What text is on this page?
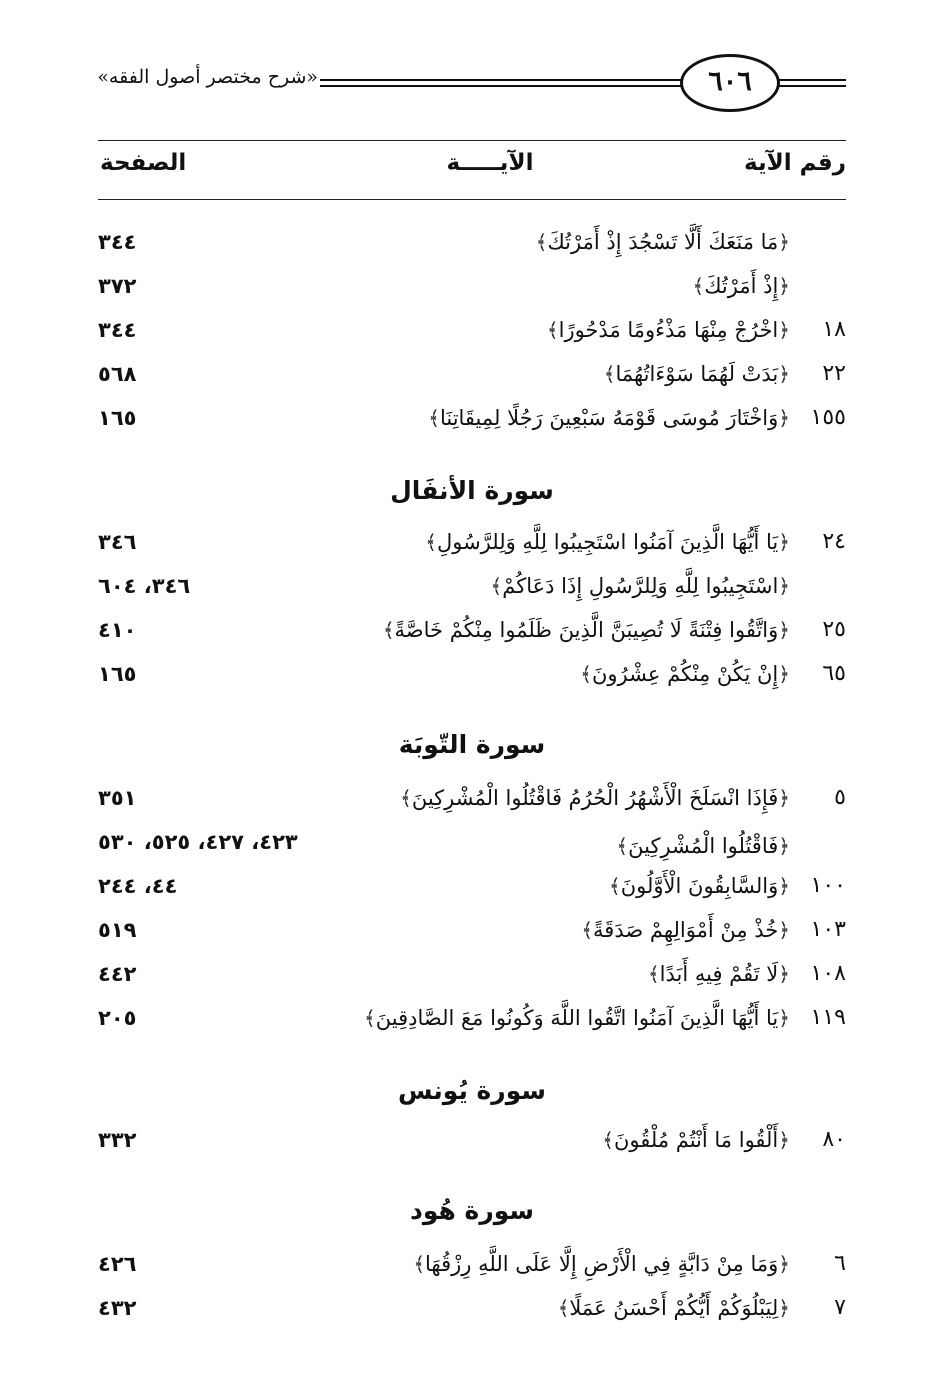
«شرح مختصر أصول الفقه»	٦٠٦
رقم الآية
الآيـــــة
الصفحة
﴿مَا مَنَعَكَ أَلَّا تَسْجُدَ إِذْ أَمَرْتُكَ﴾
٣٤٤
﴿إِذْ أَمَرْتُكَ﴾
٣٧٢
١٨
﴿اخْرُجْ مِنْهَا مَذْءُومًا مَدْحُورًا﴾
٣٤٤
٢٢
﴿بَدَتْ لَهُمَا سَوْءَاتُهُمَا﴾
٥٦٨
١٥٥
﴿وَاخْتَارَ مُوسَى قَوْمَهُ سَبْعِينَ رَجُلًا لِمِيقَاتِنَا﴾
١٦٥
سورة الأنفَال
٢٤
﴿يَا أَيُّهَا الَّذِينَ آمَنُوا اسْتَجِيبُوا لِلَّهِ وَلِلرَّسُولِ﴾
٣٤٦
﴿اسْتَجِيبُوا لِلَّهِ وَلِلرَّسُولِ إِذَا دَعَاكُمْ﴾
٣٤٦، ٦٠٤
٢٥
﴿وَاتَّقُوا فِتْنَةً لَا تُصِيبَنَّ الَّذِينَ ظَلَمُوا مِنْكُمْ خَاصَّةً﴾
٤١٠
٦٥
﴿إِنْ يَكُنْ مِنْكُمْ عِشْرُونَ﴾
١٦٥
سورة التّوبَة
٥
﴿فَإِذَا انْسَلَخَ الْأَشْهُرُ الْحُرُمُ فَاقْتُلُوا الْمُشْرِكِينَ﴾
٣٥١
﴿فَاقْتُلُوا الْمُشْرِكِينَ﴾
٤٢٣، ٤٢٧، ٥٢٥، ٥٣٠
١٠٠
﴿وَالسَّابِقُونَ الْأَوَّلُونَ﴾
٤٤، ٢٤٤
١٠٣
﴿خُذْ مِنْ أَمْوَالِهِمْ صَدَقَةً﴾
٥١٩
١٠٨
﴿لَا تَقُمْ فِيهِ أَبَدًا﴾
٤٤٢
١١٩
﴿يَا أَيُّهَا الَّذِينَ آمَنُوا اتَّقُوا اللَّهَ وَكُونُوا مَعَ الصَّادِقِينَ﴾
٢٠٥
سورة يُونس
٨٠
﴿أَلْقُوا مَا أَنْتُمْ مُلْقُونَ﴾
٣٣٢
سورة هُود
٦
﴿وَمَا مِنْ دَابَّةٍ فِي الْأَرْضِ إِلَّا عَلَى اللَّهِ رِزْقُهَا﴾
٤٢٦
٧
﴿لِيَبْلُوَكُمْ أَيُّكُمْ أَحْسَنُ عَمَلًا﴾
٤٣٢
